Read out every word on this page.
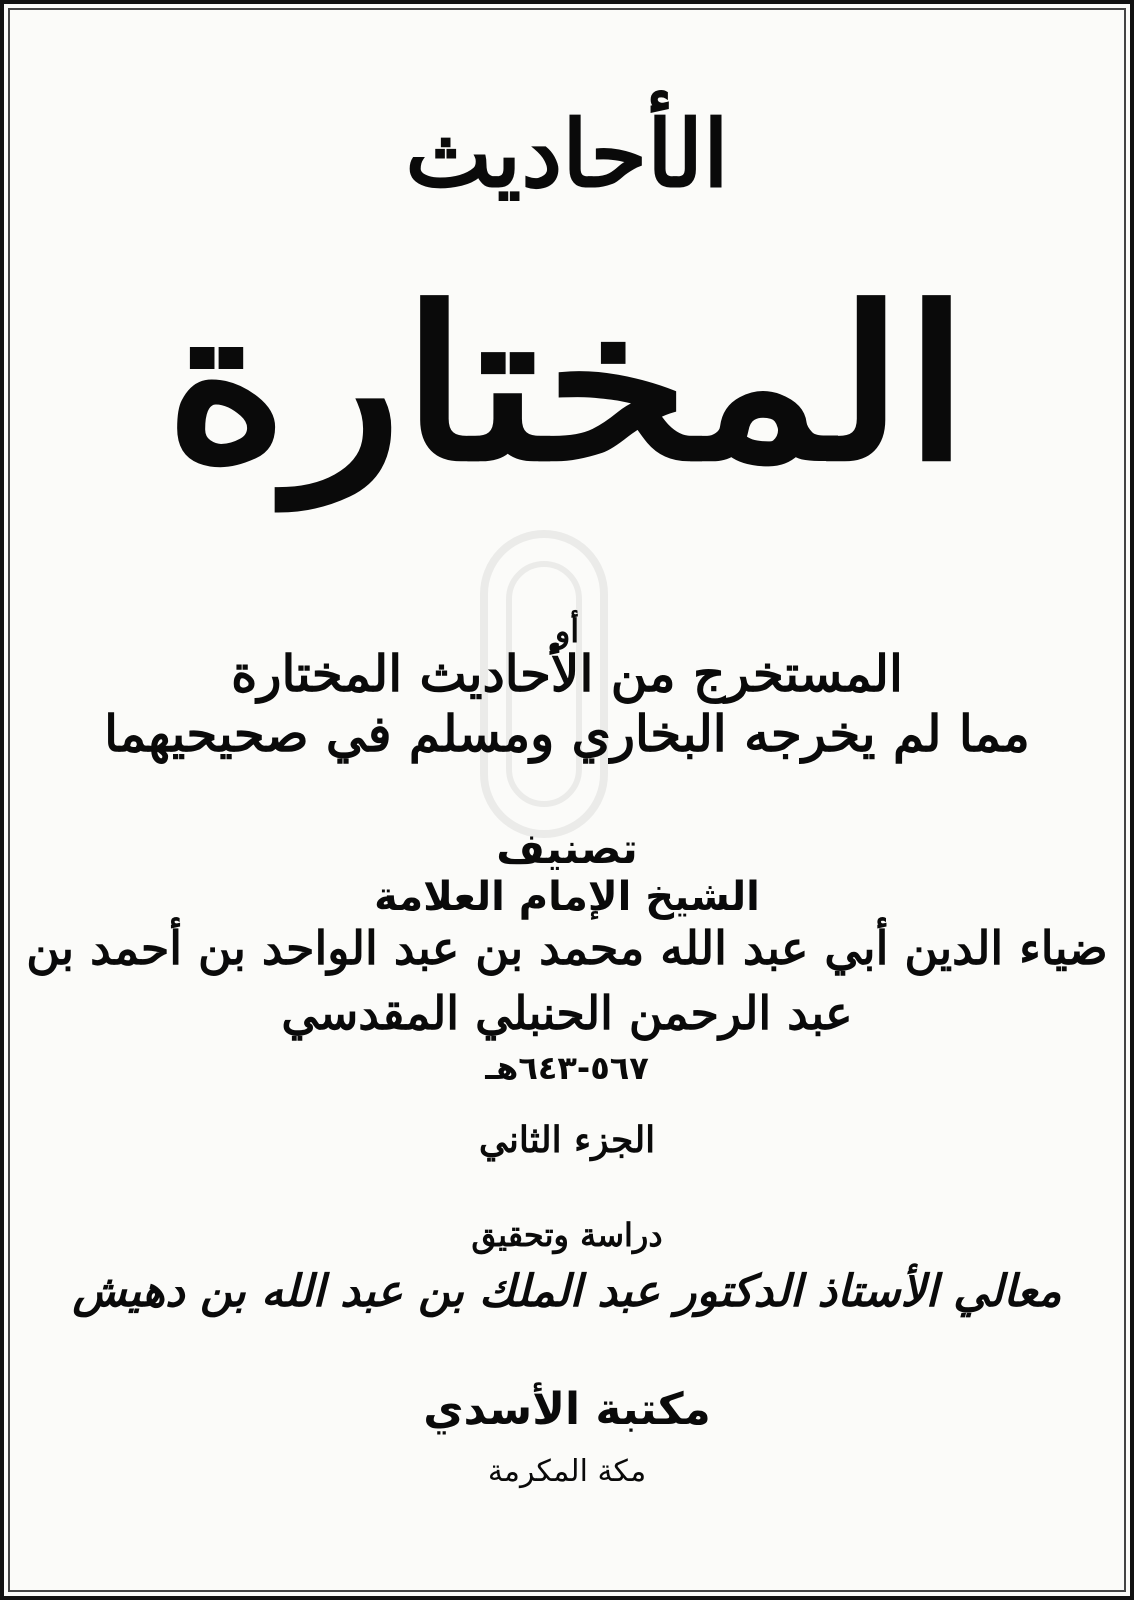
الأحاديث
المختارة
أو
المستخرج من الأحاديث المختارة
مما لم يخرجه البخاري ومسلم في صحيحيهما
تصنيف
الشيخ الإمام العلامة
ضياء الدين أبي عبد الله محمد بن عبد الواحد بن أحمد بن
عبد الرحمن الحنبلي المقدسي
٥٦٧-٦٤٣هـ
الجزء الثاني
دراسة وتحقيق
معالي الأستاذ الدكتور عبد الملك بن عبد الله بن دهيش
مكتبة الأسدي
مكة المكرمة
